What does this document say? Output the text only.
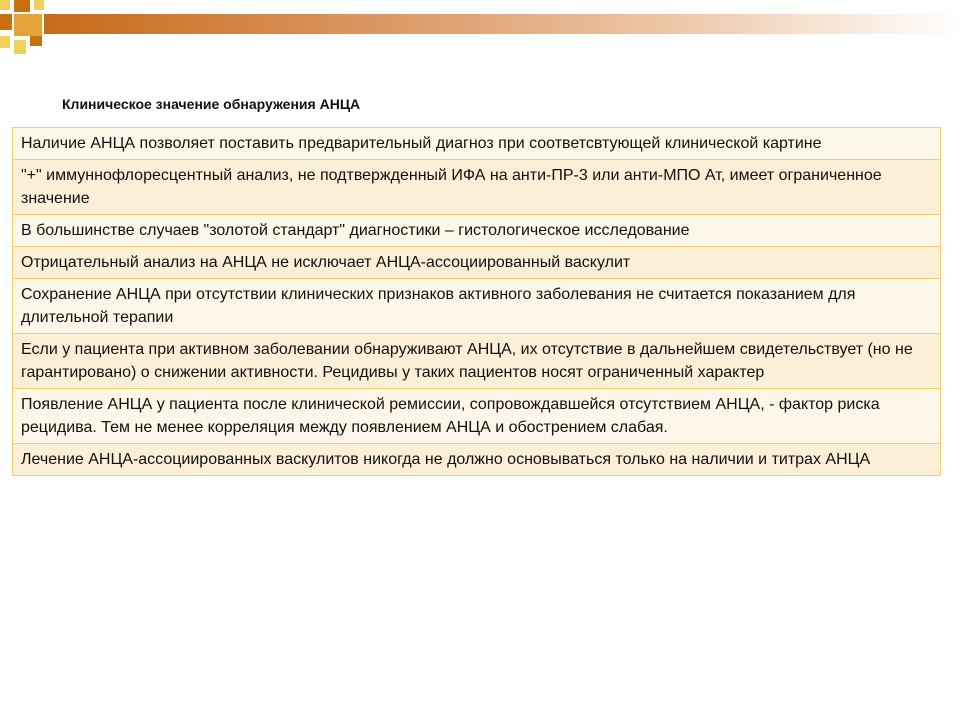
Клиническое значение обнаружения АНЦА
Наличие АНЦА позволяет поставить предварительный диагноз при соответсвтующей клинической картине
"+" иммуннофлоресцентный анализ, не подтвержденный ИФА на анти-ПР-3 или анти-МПО Ат, имеет ограниченное значение
В большинстве случаев "золотой стандарт" диагностики – гистологическое исследование
Отрицательный анализ на АНЦА не исключает АНЦА-ассоциированный васкулит
Сохранение АНЦА при отсутствии клинических признаков активного заболевания не считается показанием для длительной терапии
Если у пациента при активном заболевании обнаруживают АНЦА, их отсутствие в дальнейшем свидетельствует (но не гарантировано) о снижении активности. Рецидивы у таких пациентов носят ограниченный характер
Появление АНЦА у пациента после клинической ремиссии, сопровождавшейся отсутствием АНЦА, - фактор риска рецидива. Тем не менее корреляция между появлением АНЦА и обострением слабая.
Лечение АНЦА-ассоциированных васкулитов никогда не должно основываться только на наличии и титрах АНЦА
